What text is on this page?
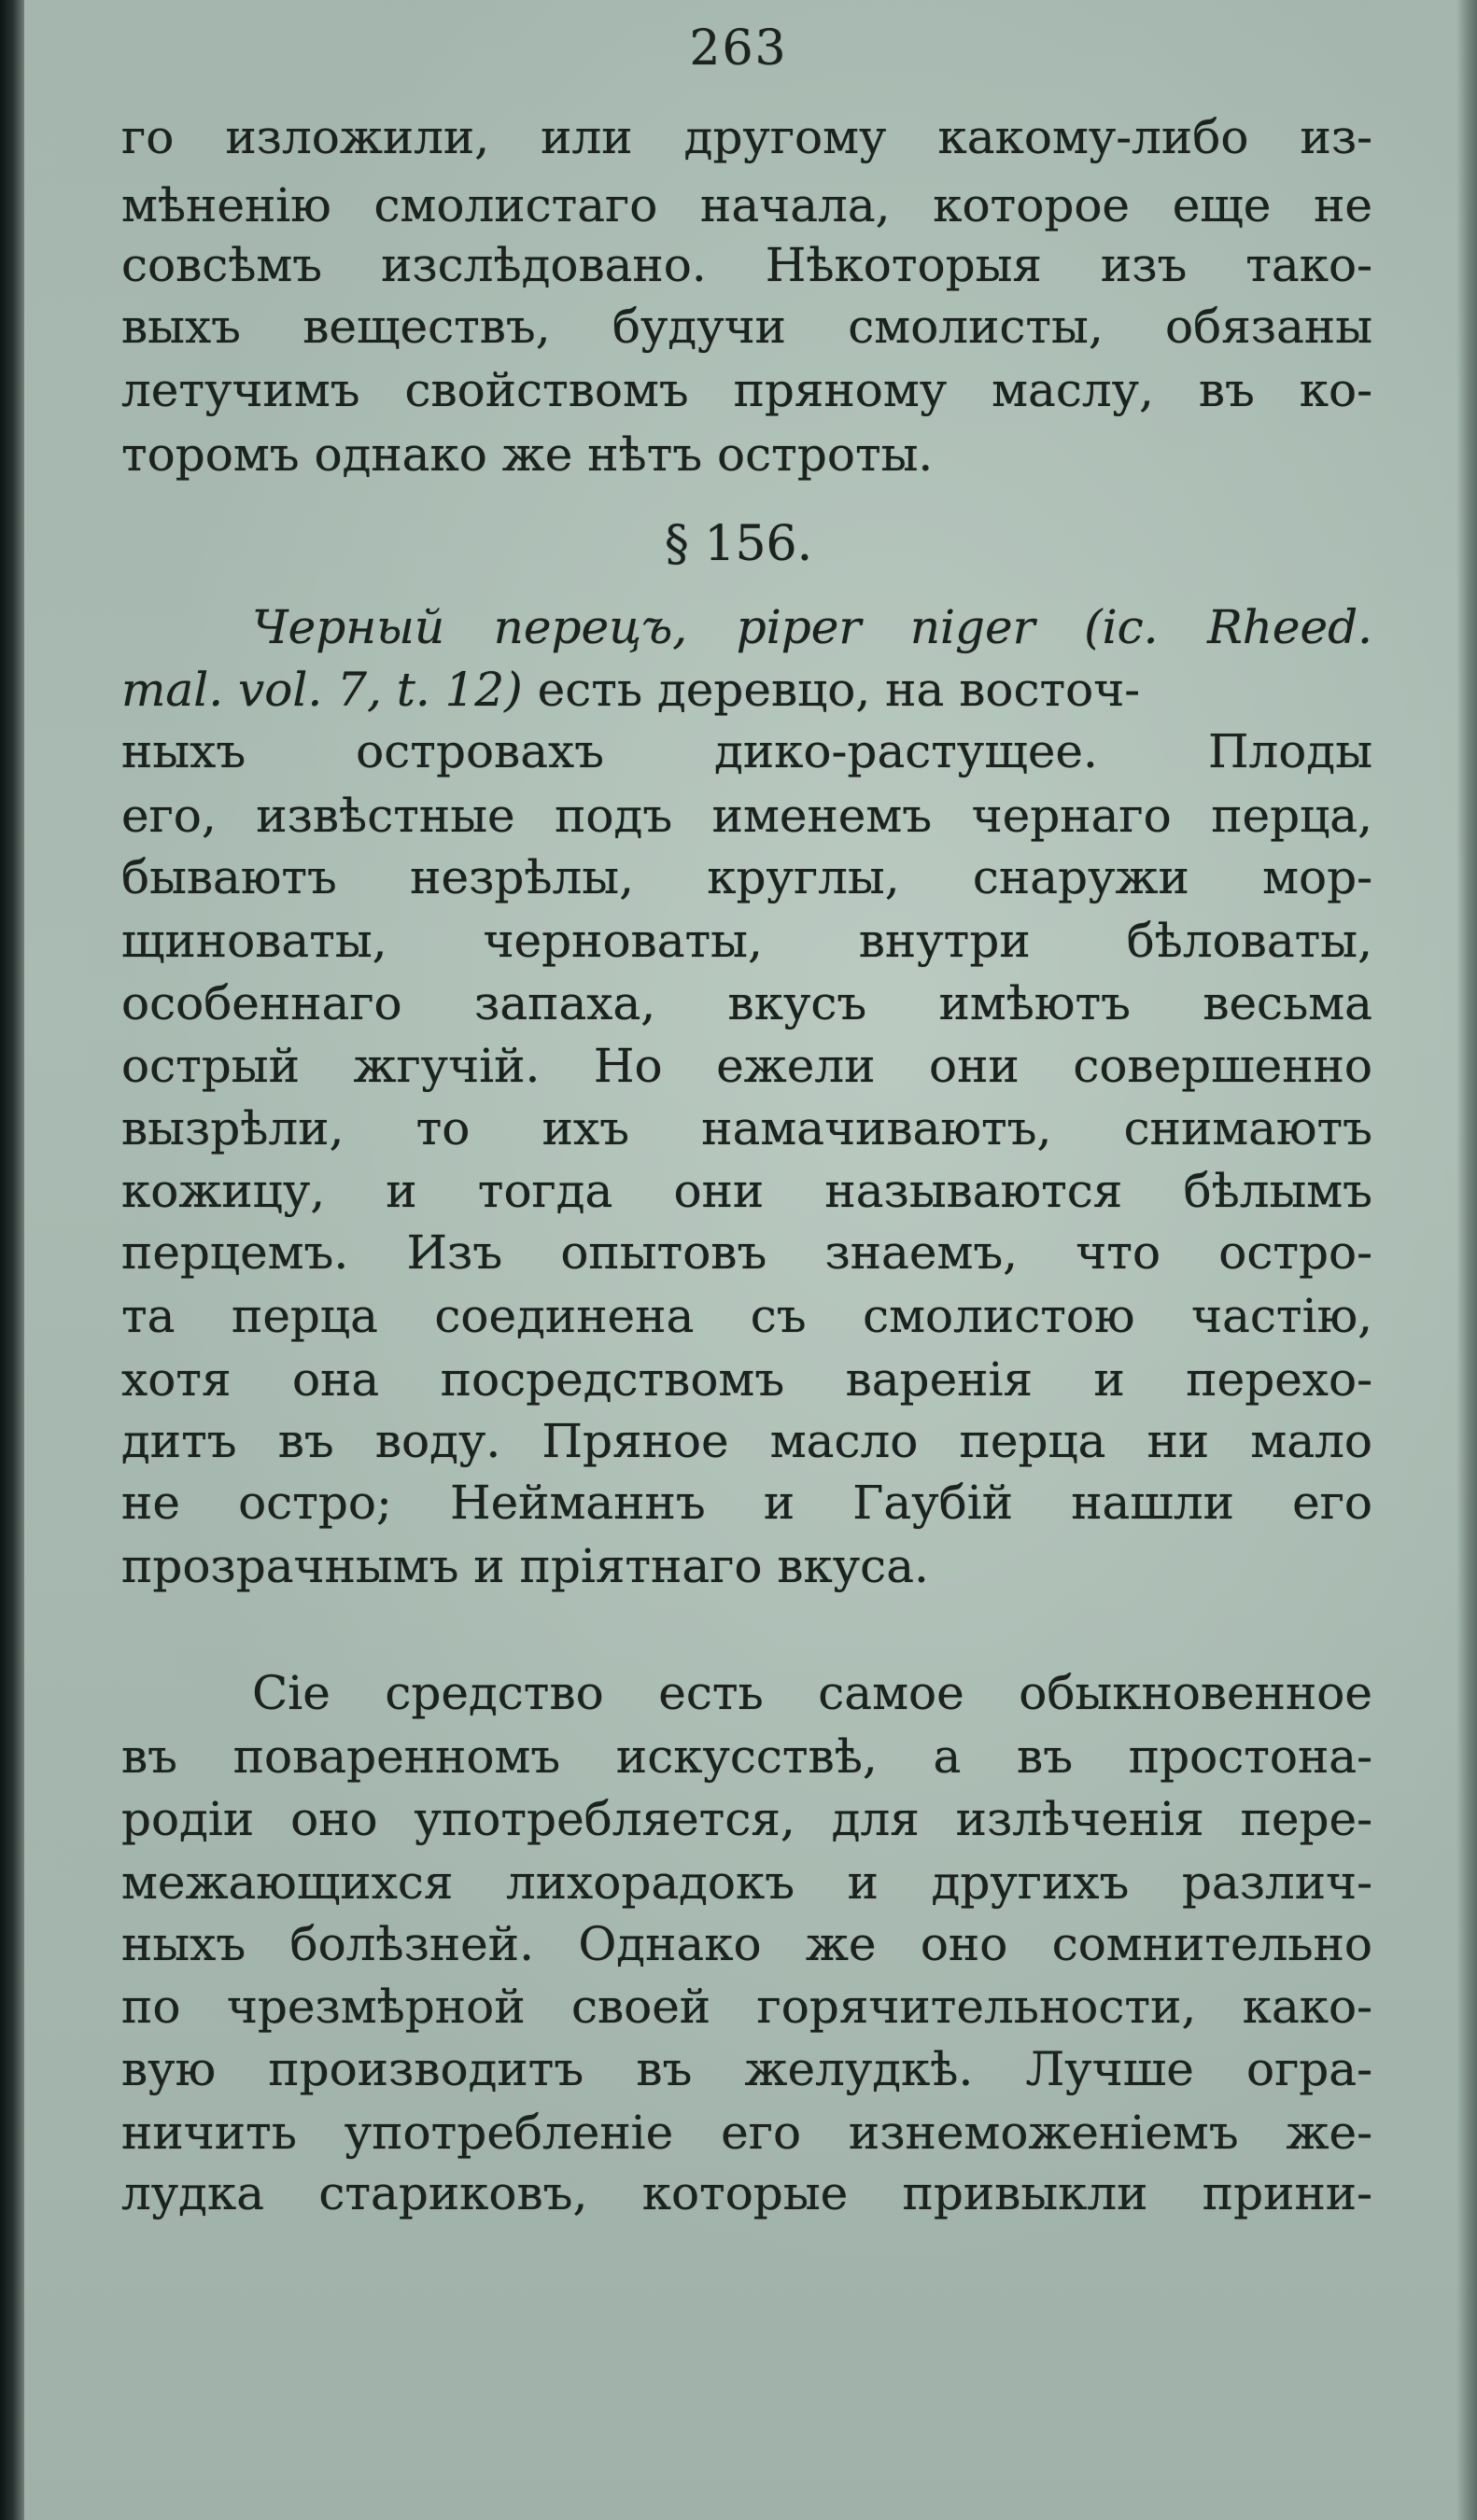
263
го изложили, или другому какому-либо из-
мѣненію смолистаго начала, которое еще не
совсѣмъ изслѣдовано. Нѣкоторыя изъ тако-
выхъ веществъ, будучи смолисты, обязаны
летучимъ свойствомъ пряному маслу, въ ко-
торомъ однако же нѣтъ остроты.
§ 156.
Черный перецъ, piper niger (ic. Rheed.
mal. vol. 7, t. 12) есть деревцо, на восточ-
ныхъ островахъ дико-растущее. Плоды
его, извѣстные подъ именемъ чернаго перца,
бываютъ незрѣлы, круглы, снаружи мор-
щиноваты, черноваты, внутри бѣловаты,
особеннаго запаха, вкусъ имѣютъ весьма
острый жгучій. Но ежели они совершенно
вызрѣли, то ихъ намачиваютъ, снимаютъ
кожицу, и тогда они называются бѣлымъ
перцемъ. Изъ опытовъ знаемъ, что остро-
та перца соединена съ смолистою частію,
хотя она посредствомъ варенія и перехо-
дитъ въ воду. Пряное масло перца ни мало
не остро; Нейманнъ и Гаубій нашли его
прозрачнымъ и пріятнаго вкуса.
Сіе средство есть самое обыкновенное
въ поваренномъ искусствѣ, а въ простона-
родіи оно употребляется, для излѣченія пере-
межающихся лихорадокъ и другихъ различ-
ныхъ болѣзней. Однако же оно сомнительно
по чрезмѣрной своей горячительности, како-
вую производитъ въ желудкѣ. Лучше огра-
ничить употребленіе его изнеможеніемъ же-
лудка стариковъ, которые привыкли прини-
